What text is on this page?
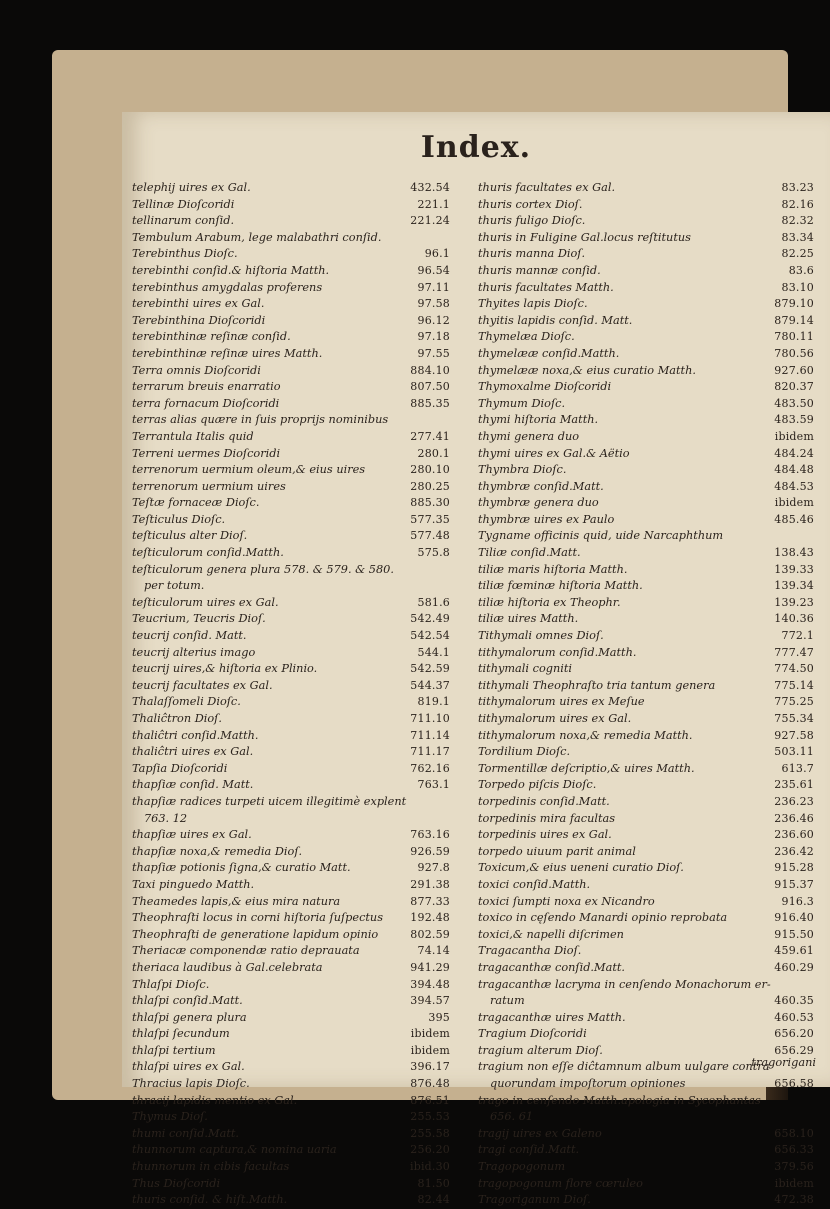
Index.
telephij uires ex Gal.	432.54
Tellinæ Dioſcoridi	221.1
tellinarum conſid.	221.24
Tembulum Arabum, lege malabathri conſid.
Terebinthus Dioſc.	96.1
terebinthi conſid.& hiſtoria Matth.	96.54
terebinthus amygdalas proferens	97.11
terebinthi uires ex Gal.	97.58
Terebinthina Dioſcoridi	96.12
terebinthinæ reſinæ conſid.	97.18
terebinthinæ reſinæ uires Matth.	97.55
Terra omnis Dioſcoridi	884.10
terrarum breuis enarratio	807.50
terra fornacum Dioſcoridi	885.35
terras alias quære in ſuis proprijs nominibus
Terrantula Italis quid	277.41
Terreni uermes Dioſcoridi	280.1
terrenorum uermium oleum,& eius uires	280.10
terrenorum uermium uires	280.25
Teſtæ fornaceæ Dioſc.	885.30
Teſticulus Dioſc.	577.35
teſticulus alter Dioſ.	577.48
teſticulorum conſid.Matth.	575.8
teſticulorum genera plura 578. & 579. & 580.
per totum.
teſticulorum uires ex Gal.	581.6
Teucrium, Teucris Dioſ.	542.49
teucrij conſid. Matt.	542.54
teucrij alterius imago	544.1
teucrij uires,& hiſtoria ex Plinio.	542.59
teucrij facultates ex Gal.	544.37
Thalaſſomeli Dioſc.	819.1
Thaliĉtron Dioſ.	711.10
thaliĉtri conſid.Matth.	711.14
thaliĉtri uires ex Gal.	711.17
Tapſia Dioſcoridi	762.16
thapſiæ conſid. Matt.	763.1
thapſiæ radices turpeti uicem illegitimè explent
763. 12
thapſiæ uires ex Gal.	763.16
thapſiæ noxa,& remedia Dioſ.	926.59
thapſiæ potionis ſigna,& curatio Matt.	927.8
Taxi pinguedo Matth.	291.38
Theamedes lapis,& eius mira natura	877.33
Theophraſti locus in corni hiſtoria ſuſpectus	192.48
Theophraſti de generatione lapidum opinio	802.59
Theriacæ componendæ ratio deprauata	74.14
theriaca laudibus à Gal.celebrata	941.29
Thlaſpi Dioſc.	394.48
thlaſpi conſid.Matt.	394.57
thlaſpi genera plura	395
thlaſpi ſecundum	ibidem
thlaſpi tertium	ibidem
thlaſpi uires ex Gal.	396.17
Thracius lapis Dioſc.	876.48
thracij lapidis mentio ex Gal.	876.51
Thymus Dioſ.	255.53
thumi conſid.Matt.	255.58
thunnorum captura,& nomina uaria	256.20
thunnorum in cibis facultas	ibid.30
Thus Dioſcoridi	81.50
thuris conſid. & hiſt.Matth.	82.44
thuris facultates ex Gal.	83.23
thuris cortex Dioſ.	82.16
thuris fuligo Dioſc.	82.32
thuris in Fuligine Gal.locus reſtitutus	83.34
thuris manna Dioſ.	82.25
thuris mannæ conſid.	83.6
thuris facultates Matth.	83.10
Thyites lapis Dioſc.	879.10
thyitis lapidis conſid. Matt.	879.14
Thymelæa Dioſc.	780.11
thymelææ conſid.Matth.	780.56
thymelææ noxa,& eius curatio Matth.	927.60
Thymoxalme Dioſcoridi	820.37
Thymum Dioſc.	483.50
thymi hiſtoria Matth.	483.59
thymi genera duo	ibidem
thymi uires ex Gal.& Aëtio	484.24
Thymbra Dioſc.	484.48
thymbræ conſid.Matt.	484.53
thymbræ genera duo	ibidem
thymbræ uires ex Paulo	485.46
Tygname officinis quid, uide Narcaphthum
Tiliæ conſid.Matt.	138.43
tiliæ maris hiſtoria Matth.	139.33
tiliæ fœminæ hiſtoria Matth.	139.34
tiliæ hiſtoria ex Theophr.	139.23
tiliæ uires Matth.	140.36
Tithymali omnes Dioſ.	772.1
tithymalorum conſid.Matth.	777.47
tithymali cogniti	774.50
tithymali Theophraſto tria tantum genera	775.14
tithymalorum uires ex Meſue	775.25
tithymalorum uires ex Gal.	755.34
tithymalorum noxa,& remedia Matth.	927.58
Tordilium Dioſc.	503.11
Tormentillæ deſcriptio,& uires Matth.	613.7
Torpedo piſcis Dioſc.	235.61
torpedinis conſid.Matt.	236.23
torpedinis mira facultas	236.46
torpedinis uires ex Gal.	236.60
torpedo uiuum parit animal	236.42
Toxicum,& eius ueneni curatio Dioſ.	915.28
toxici conſid.Matth.	915.37
toxici ſumpti noxa ex Nicandro	916.3
toxico in cęſendo Manardi opinio reprobata	916.40
toxici,& napelli diſcrimen	915.50
Tragacantha Dioſ.	459.61
tragacanthæ conſid.Matt.	460.29
tragacanthæ lacryma in cenſendo Monachorum er-
ratum	460.35
tragacanthæ uires Matth.	460.53
Tragium Dioſcoridi	656.20
tragium alterum Dioſ.	656.29
tragium non eſſe diĉtamnum album uulgare contra
quorundam impoſtorum opiniones	656.58
trago in cenſendo Matth.apologia in Sycophantas
656. 61
tragij uires ex Galeno	658.10
tragi conſid.Matt.	656.33
Tragopogonum	379.56
tragopogonum flore cœruleo	ibidem
Tragoriganum Dioſ.	472.38
tragorigani
